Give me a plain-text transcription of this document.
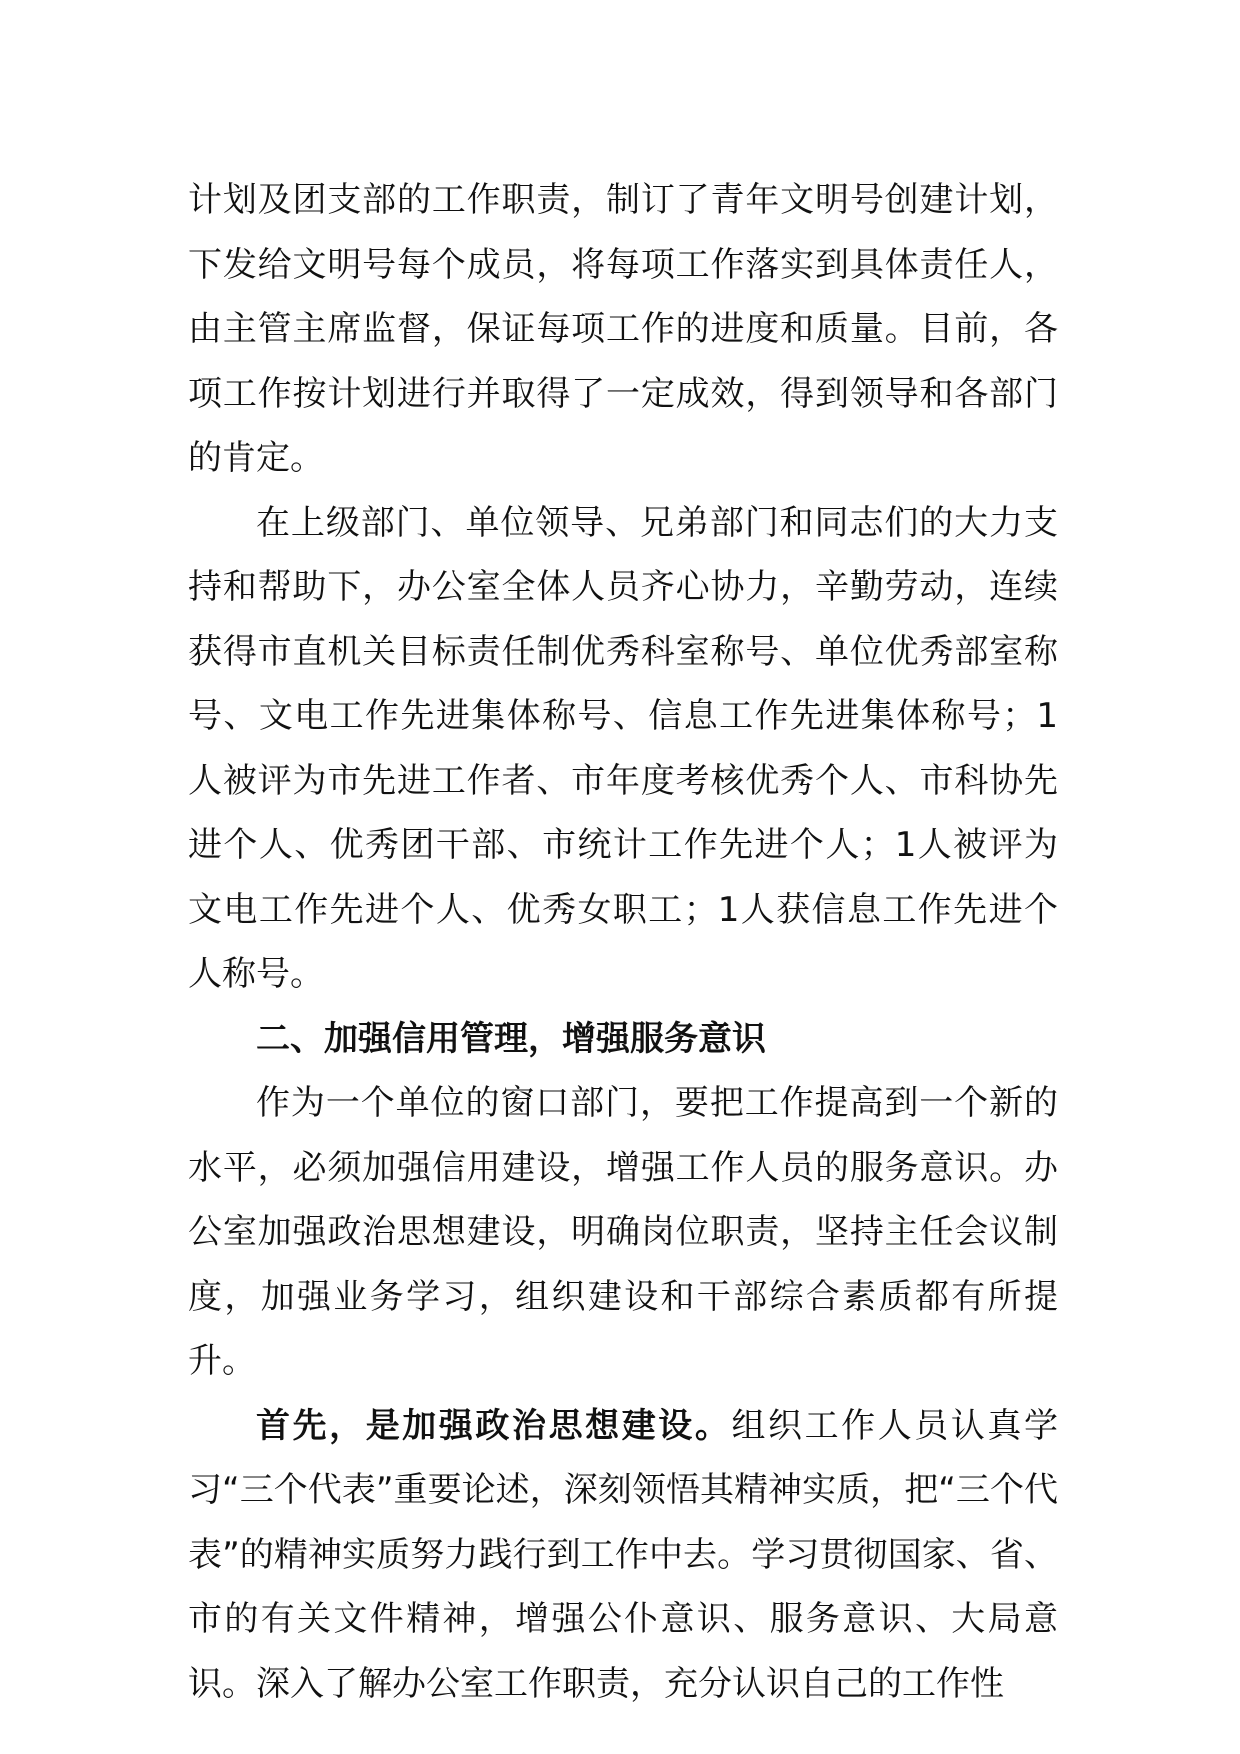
计划及团支部的工作职责，制订了青年文明号创建计划，下发给文明号每个成员，将每项工作落实到具体责任人，由主管主席监督，保证每项工作的进度和质量。目前，各项工作按计划进行并取得了一定成效，得到领导和各部门的肯定。

在上级部门、单位领导、兄弟部门和同志们的大力支持和帮助下，办公室全体人员齐心协力，辛勤劳动，连续获得市直机关目标责任制优秀科室称号、单位优秀部室称号、文电工作先进集体称号、信息工作先进集体称号；1人被评为市先进工作者、市年度考核优秀个人、市科协先进个人、优秀团干部、市统计工作先进个人；1人被评为文电工作先进个人、优秀女职工；1人获信息工作先进个人称号。

二、加强信用管理，增强服务意识

作为一个单位的窗口部门，要把工作提高到一个新的水平，必须加强信用建设，增强工作人员的服务意识。办公室加强政治思想建设，明确岗位职责，坚持主任会议制度，加强业务学习，组织建设和干部综合素质都有所提升。

首先，是加强政治思想建设。组织工作人员认真学习“三个代表”重要论述，深刻领悟其精神实质，把“三个代表”的精神实质努力践行到工作中去。学习贯彻国家、省、市的有关文件精神，增强公仆意识、服务意识、大局意识。深入了解办公室工作职责，充分认识自己的工作性
